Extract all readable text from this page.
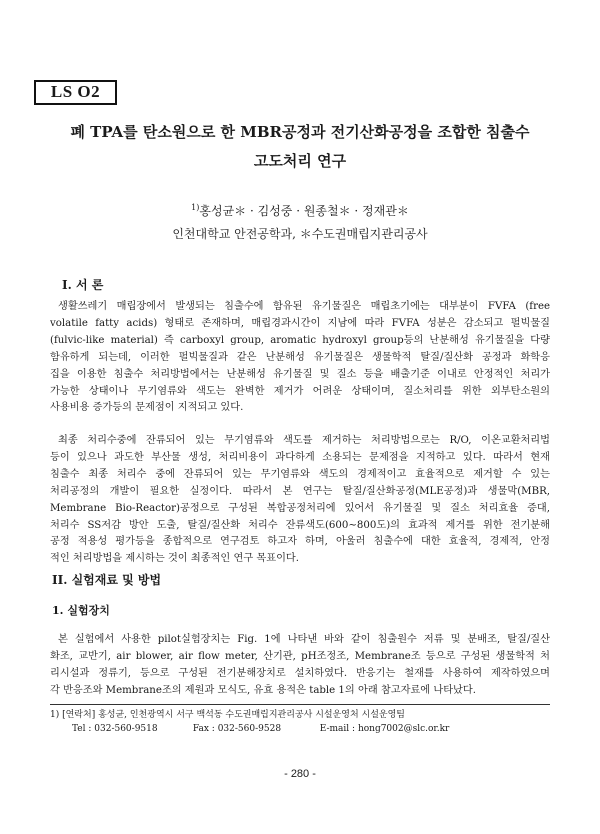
LS O2
폐 TPA를 탄소원으로 한 MBR공정과 전기산화공정을 조합한 침출수
고도처리 연구
$^{1)}$홍성균＊ · 김성중 · 원종철＊ · 정재관＊
인천대학교 안전공학과, ＊수도권매립지관리공사
I. 서 론
생활쓰레기 매립장에서 발생되는 침출수에 함유된 유기물질은 매립초기에는 대부분이 FVFA (free
volatile fatty acids) 형태로 존재하며, 매립경과시간이 지남에 따라 FVFA 성분은 감소되고 펄빅물질
(fulvic-like material) 즉 carboxyl group, aromatic hydroxyl group등의 난분해성 유기물질을 다량
함유하게 되는데, 이러한 펄빅물질과 같은 난분해성 유기물질은 생물학적 탈질/질산화 공정과 화학응
집을 이용한 침출수 처리방법에서는 난분해성 유기물질 및 질소 등을 배출기준 이내로 안정적인 처리가
가능한 상태이나 무기염류와 색도는 완벽한 제거가 어려운 상태이며, 질소처리를 위한 외부탄소원의
사용비용 증가등의 문제점이 지적되고 있다.
최종 처리수중에 잔류되어 있는 무기염류와 색도를 제거하는 처리방법으로는 R/O, 이온교환처리법
등이 있으나 과도한 부산물 생성, 처리비용이 과다하게 소용되는 문제점을 지적하고 있다. 따라서 현재
침출수 최종 처리수 중에 잔류되어 있는 무기염류와 색도의 경제적이고 효율적으로 제거할 수 있는
처리공정의 개발이 필요한 실정이다. 따라서 본 연구는 탈질/질산화공정(MLE공정)과 생물막(MBR,
Membrane Bio-Reactor)공정으로 구성된 복합공정처리에 있어서 유기물질 및 질소 처리효율 증대,
처리수 SS저감 방안 도출, 탈질/질산화 처리수 잔류색도(600∼800도)의 효과적 제거를 위한 전기분해
공정 적용성 평가등을 종합적으로 연구검토 하고자 하며, 아울러 침출수에 대한 효율적, 경제적, 안정
적인 처리방법을 제시하는 것이 최종적인 연구 목표이다.
II. 실험재료 및 방법
1. 실험장치
본 실험에서 사용한 pilot실험장치는 Fig. 1에 나타낸 바와 같이 침출원수 저류 및 분배조, 탈질/질산
화조, 교반기, air blower, air flow meter, 산기관, pH조정조, Membrane조 등으로 구성된 생물학적 처
리시설과 정류기, 등으로 구성된 전기분해장치로 설치하였다. 반응기는 철재를 사용하여 제작하였으며
각 반응조와 Membrane조의 제원과 모식도, 유효 용적은 table 1의 아래 참고자료에 나타났다.
1) [연락처] 홍성균, 인천광역시 서구 백석동 수도권매립지관리공사 시설운영처 시설운영팀
Tel : 032-560-9518	Fax : 032-560-9528	E-mail : hong7002@slc.or.kr
- 280 -
